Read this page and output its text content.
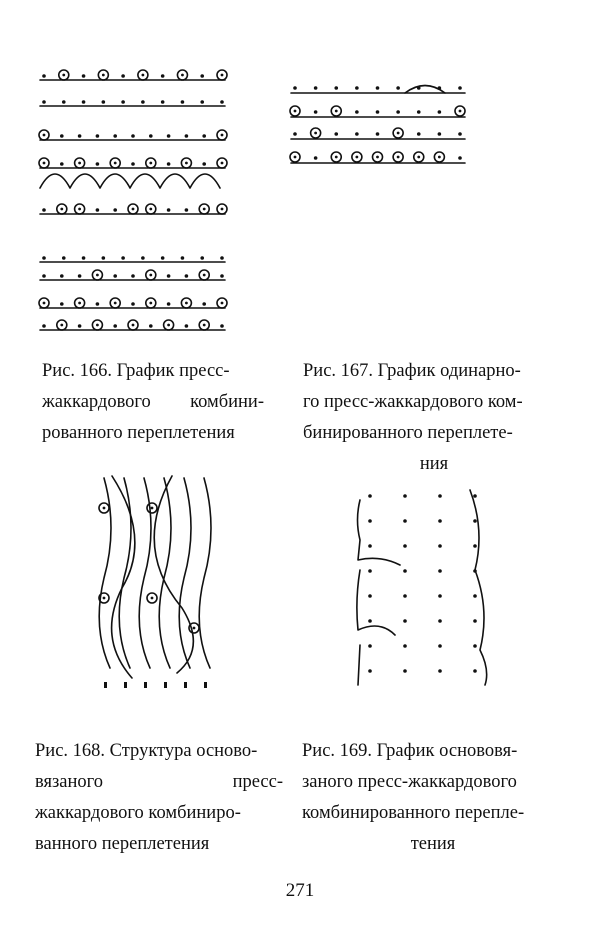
Рис. 166. График пресс-
жаккардового комбини-
рованного переплетения
Рис. 167. График одинарно-
го пресс-жаккардового ком-
бинированного переплете-
ния
Рис. 168. Структура осново-
вязаного	пресс-
жаккардового комбиниро-
ванного переплетения
Рис. 169. График основовя-
заного пресс-жаккардового
комбинированного перепле-
тения
271
